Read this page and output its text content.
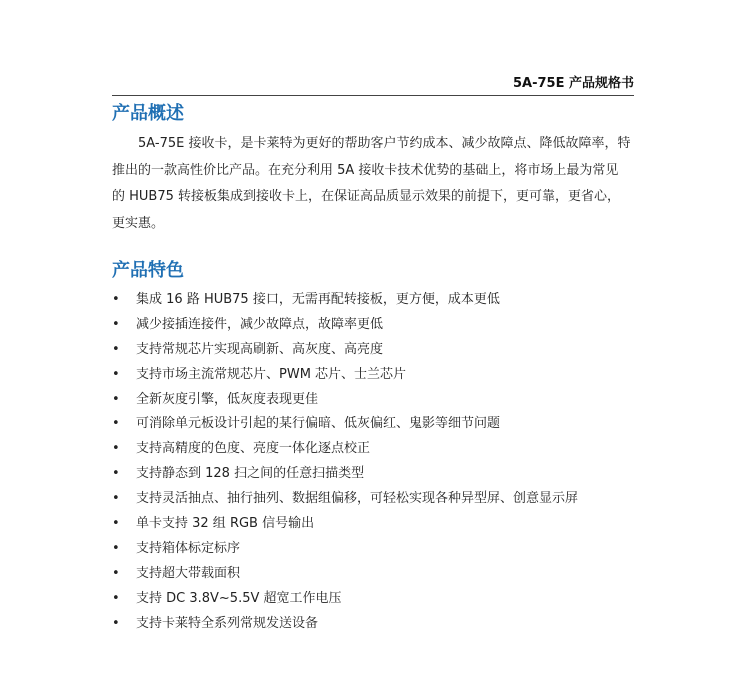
5A-75E 产品规格书
产品概述
5A-75E 接收卡，是卡莱特为更好的帮助客户节约成本、减少故障点、降低故障率，特
推出的一款高性价比产品。在充分利用 5A 接收卡技术优势的基础上，将市场上最为常见
的 HUB75 转接板集成到接收卡上，在保证高品质显示效果的前提下，更可靠，更省心，
更实惠。
产品特色
• 集成 16 路 HUB75 接口，无需再配转接板，更方便，成本更低
• 减少接插连接件，减少故障点，故障率更低
• 支持常规芯片实现高刷新、高灰度、高亮度
• 支持市场主流常规芯片、PWM 芯片、士兰芯片
• 全新灰度引擎，低灰度表现更佳
• 可消除单元板设计引起的某行偏暗、低灰偏红、鬼影等细节问题
• 支持高精度的色度、亮度一体化逐点校正
• 支持静态到 128 扫之间的任意扫描类型
• 支持灵活抽点、抽行抽列、数据组偏移，可轻松实现各种异型屏、创意显示屏
• 单卡支持 32 组 RGB 信号输出
• 支持箱体标定标序
• 支持超大带载面积
• 支持 DC 3.8V~5.5V 超宽工作电压
• 支持卡莱特全系列常规发送设备
